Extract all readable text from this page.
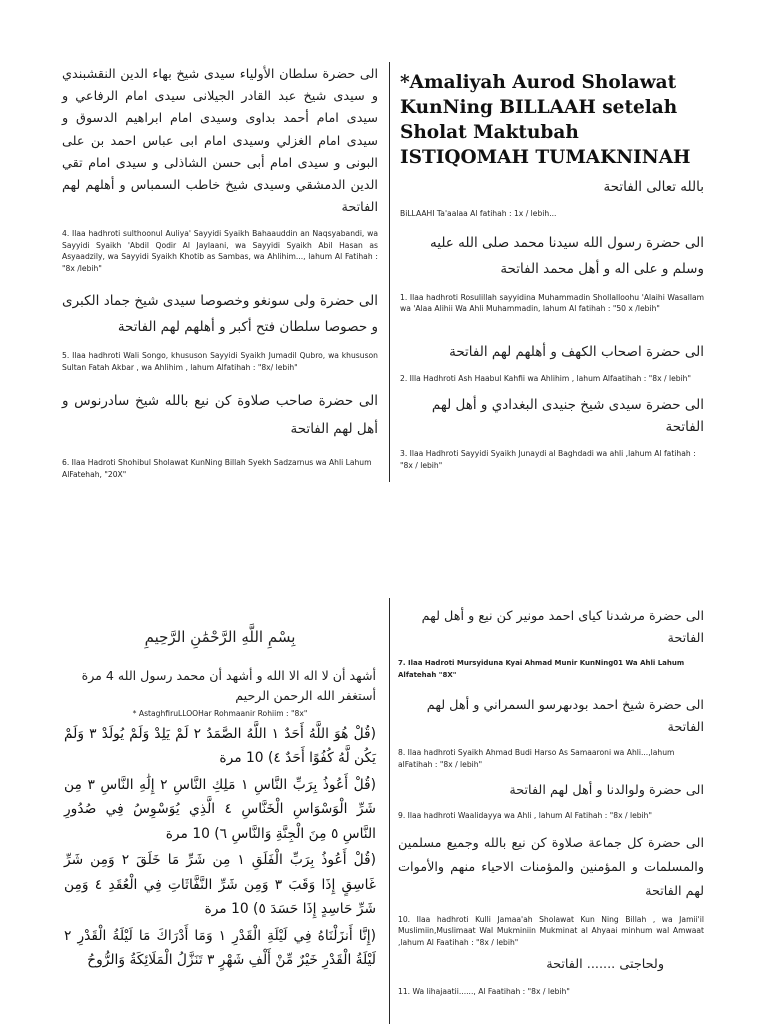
الى حضرة سلطان الأولياء سيدى شيخ بهاء الدين النقشبندي و سيدى شيخ عبد القادر الجيلانى سيدى امام الرفاعي و سيدى امام أحمد بداوى وسيدى امام ابراهيم الدسوق و سيدى امام الغزلي وسيدى امام ابى عباس احمد بن على البونى و سيدى امام أبى حسن الشاذلى و سيدى امام تقي الدين الدمشقي وسيدى شيخ خاطب السمباس و أهلهم لهم الفاتحة
4. Ilaa hadhroti sulthoonul Auliya' Sayyidi Syaikh Bahaauddin an Naqsyabandi, wa Sayyidi Syaikh 'Abdil Qodir Al Jaylaani, wa Sayyidi Syaikh Abil Hasan as Asyaadzily, wa Sayyidi Syaikh Khotib as Sambas, wa Ahlihim..., lahum Al Fatihah : "8x /lebih"
الى حضرة ولى سونغو وخصوصا سيدى شيخ جماد الكبرى و حصوصا سلطان فتح أكبر و أهلهم لهم الفاتحة
5. Ilaa hadhroti Wali Songo, khususon Sayyidi Syaikh Jumadil Qubro, wa khususon Sultan Fatah Akbar , wa Ahlihim , lahum Alfatihah : "8x/ lebih"
الى حضرة صاحب صلاوة كن نيع بالله شيخ سادرنوس و أهل لهم الفاتحة
6. Ilaa Hadroti Shohibul Sholawat KunNing Billah Syekh Sadzarnus wa Ahli Lahum AlFatehah, "20X"
*Amaliyah Aurod Sholawat KunNing BILLAAH setelah Sholat Maktubah ISTIQOMAH TUMAKNINAH
بالله تعالى الفاتحة
BiLLAAHI Ta'aalaa Al fatihah : 1x / lebih...
الى حضرة رسول الله سيدنا محمد صلى الله عليه وسلم و على اله و أهل محمد الفاتحة
1. Ilaa hadhroti Rosulillah sayyidina Muhammadin Shollalloohu 'Alaihi Wasallam wa 'Alaa Alihii Wa Ahli Muhammadin, lahum Al fatihah : "50 x /lebih"
الى حضرة اصحاب الكهف و أهلهم لهم الفاتحة
2. Illa Hadhroti Ash Haabul Kahfii wa Ahlihim , lahum Alfaatihah : "8x / lebih"
الى حضرة سيدى شيخ جنيدى البغدادي و أهل لهم الفاتحة
3. Ilaa Hadhroti Sayyidi Syaikh Junaydi al Baghdadi wa ahli ,lahum Al fatihah : "8x / lebih"
بِسْمِ اللَّهِ الرَّحْمَٰنِ الرَّحِيمِ
أشهد أن لا اله الا الله و أشهد أن محمد رسول الله 4 مرة
أستغفر الله الرحمن الرحيم
* AstaghfiruLLOOHar Rohmaanir Rohiim : "8x"
(قُلْ هُوَ اللَّهُ أَحَدٌ ١ اللَّهُ الصَّمَدُ ٢ لَمْ يَلِدْ وَلَمْ يُولَدْ ٣ وَلَمْ يَكُن لَّهُ كُفُوًا أَحَدٌ ٤) 10 مرة
(قُلْ أَعُوذُ بِرَبِّ النَّاسِ ١ مَلِكِ النَّاسِ ٢ إِلَٰهِ النَّاسِ ٣ مِن شَرِّ الْوَسْوَاسِ الْخَنَّاسِ ٤ الَّذِي يُوَسْوِسُ فِي صُدُورِ النَّاسِ ٥ مِنَ الْجِنَّةِ وَالنَّاسِ ٦) 10 مرة
(قُلْ أَعُوذُ بِرَبِّ الْفَلَقِ ١ مِن شَرِّ مَا خَلَقَ ٢ وَمِن شَرِّ غَاسِقٍ إِذَا وَقَبَ ٣ وَمِن شَرِّ النَّفَّاثَاتِ فِي الْعُقَدِ ٤ وَمِن شَرِّ حَاسِدٍ إِذَا حَسَدَ ٥) 10 مرة
(إِنَّا أَنزَلْنَاهُ فِي لَيْلَةِ الْقَدْرِ ١ وَمَا أَدْرَاكَ مَا لَيْلَةُ الْقَدْرِ ٢ لَيْلَةُ الْقَدْرِ خَيْرٌ مِّنْ أَلْفِ شَهْرٍ ٣ تَنَزَّلُ الْمَلَائِكَةُ وَالرُّوحُ
الى حضرة مرشدنا كياى احمد مونير كن نيع و أهل لهم الفاتحة
7. Ilaa Hadroti Mursyiduna Kyai Ahmad Munir KunNing01 Wa Ahli Lahum Alfatehah "8X"
الى حضرة شيخ احمد بودىهرسو السمراني و أهل لهم الفاتحة
8. Ilaa hadhroti Syaikh Ahmad Budi Harso As Samaaroni wa Ahli...,lahum alFatihah : "8x / lebih"
الى حضرة ولوالدنا و أهل لهم الفاتحة
9. Ilaa hadhroti Waalidayya wa Ahli , lahum Al Fatihah : "8x / lebih"
الى حضرة كل جماعة صلاوة كن نيع بالله وجميع مسلمين والمسلمات و المؤمنين والمؤمنات الاحياء منهم والأموات لهم الفاتحة
10. Ilaa hadhroti Kulli Jamaa'ah Sholawat Kun Ning Billah , wa Jamii'il Muslimiin,Muslimaat Wal Mukminiin Mukminat al Ahyaai minhum wal Amwaat ,lahum Al Faatihah : "8x / lebih"
ولحاجتى ....... الفاتحة
11. Wa lihajaatii......, Al Faatihah : "8x / lebih"
